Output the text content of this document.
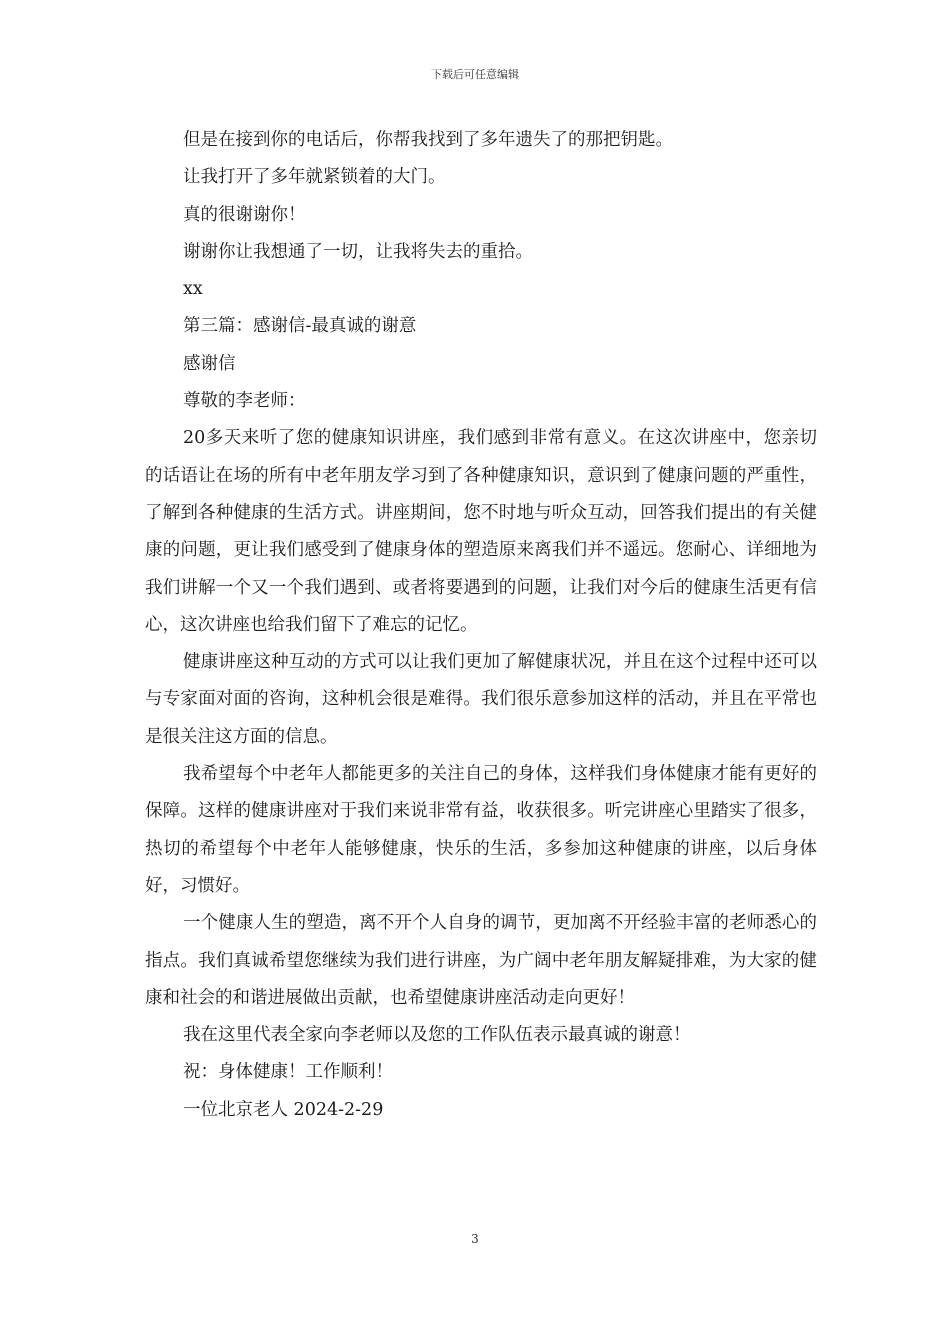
下载后可任意编辑
但是在接到你的电话后，你帮我找到了多年遗失了的那把钥匙。
让我打开了多年就紧锁着的大门。
真的很谢谢你！
谢谢你让我想通了一切，让我将失去的重拾。
xx
第三篇：感谢信-最真诚的谢意
感谢信
尊敬的李老师：

20多天来听了您的健康知识讲座，我们感到非常有意义。在这次讲座中，您亲切的话语让在场的所有中老年朋友学习到了各种健康知识，意识到了健康问题的严重性，了解到各种健康的生活方式。讲座期间，您不时地与听众互动，回答我们提出的有关健康的问题，更让我们感受到了健康身体的塑造原来离我们并不遥远。您耐心、详细地为我们讲解一个又一个我们遇到、或者将要遇到的问题，让我们对今后的健康生活更有信心，这次讲座也给我们留下了难忘的记忆。

健康讲座这种互动的方式可以让我们更加了解健康状况，并且在这个过程中还可以与专家面对面的咨询，这种机会很是难得。我们很乐意参加这样的活动，并且在平常也是很关注这方面的信息。

我希望每个中老年人都能更多的关注自己的身体，这样我们身体健康才能有更好的保障。这样的健康讲座对于我们来说非常有益，收获很多。听完讲座心里踏实了很多，热切的希望每个中老年人能够健康，快乐的生活，多参加这种健康的讲座，以后身体好，习惯好。

一个健康人生的塑造，离不开个人自身的调节，更加离不开经验丰富的老师悉心的指点。我们真诚希望您继续为我们进行讲座，为广阔中老年朋友解疑排难，为大家的健康和社会的和谐进展做出贡献，也希望健康讲座活动走向更好！

我在这里代表全家向李老师以及您的工作队伍表示最真诚的谢意！
祝：身体健康！工作顺利！
一位北京老人 2024-2-29
3
